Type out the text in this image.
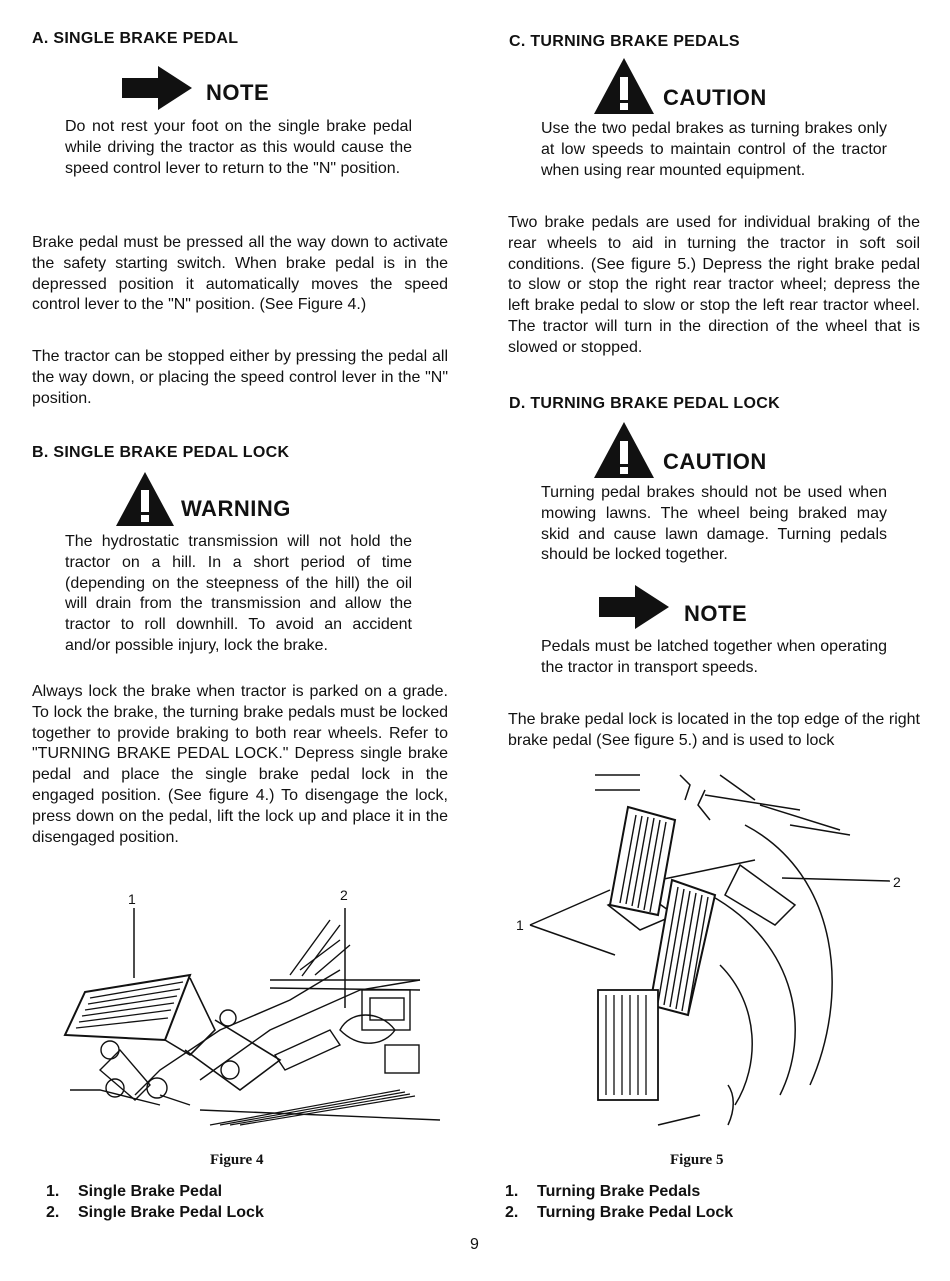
A. SINGLE BRAKE PEDAL
NOTE
Do not rest your foot on the single brake pedal while driving the tractor as this would cause the speed control lever to return to the "N" position.
Brake pedal must be pressed all the way down to activate the safety starting switch. When brake pedal is in the depressed position it automatically moves the speed control lever to the "N" position. (See Figure 4.)
The tractor can be stopped either by pressing the pedal all the way down, or placing the speed control lever in the "N" position.
B. SINGLE BRAKE PEDAL LOCK
WARNING
The hydrostatic transmission will not hold the tractor on a hill. In a short period of time (depending on the steepness of the hill) the oil will drain from the transmission and allow the tractor to roll downhill. To avoid an accident and/or possible injury, lock the brake.
Always lock the brake when tractor is parked on a grade. To lock the brake, the turning brake pedals must be locked together to provide braking to both rear wheels. Refer to "TURNING BRAKE PEDAL LOCK." Depress single brake pedal and place the single brake pedal lock in the engaged position. (See figure 4.) To disengage the lock, press down on the pedal, lift the lock up and place it in the disengaged position.
1	2
Figure 4
1. Single Brake Pedal
2. Single Brake Pedal Lock
C. TURNING BRAKE PEDALS
CAUTION
Use the two pedal brakes as turning brakes only at low speeds to maintain control of the tractor when using rear mounted equipment.
Two brake pedals are used for individual braking of the rear wheels to aid in turning the tractor in soft soil conditions. (See figure 5.) Depress the right brake pedal to slow or stop the right rear tractor wheel; depress the left brake pedal to slow or stop the left rear tractor wheel. The tractor will turn in the direction of the wheel that is slowed or stopped.
D. TURNING BRAKE PEDAL LOCK
CAUTION
Turning pedal brakes should not be used when mowing lawns. The wheel being braked may skid and cause lawn damage. Turning pedals should be locked together.
NOTE
Pedals must be latched together when operating the tractor in transport speeds.
The brake pedal lock is located in the top edge of the right brake pedal (See figure 5.) and is used to lock
1
2
Figure 5
1. Turning Brake Pedals
2. Turning Brake Pedal Lock
9
